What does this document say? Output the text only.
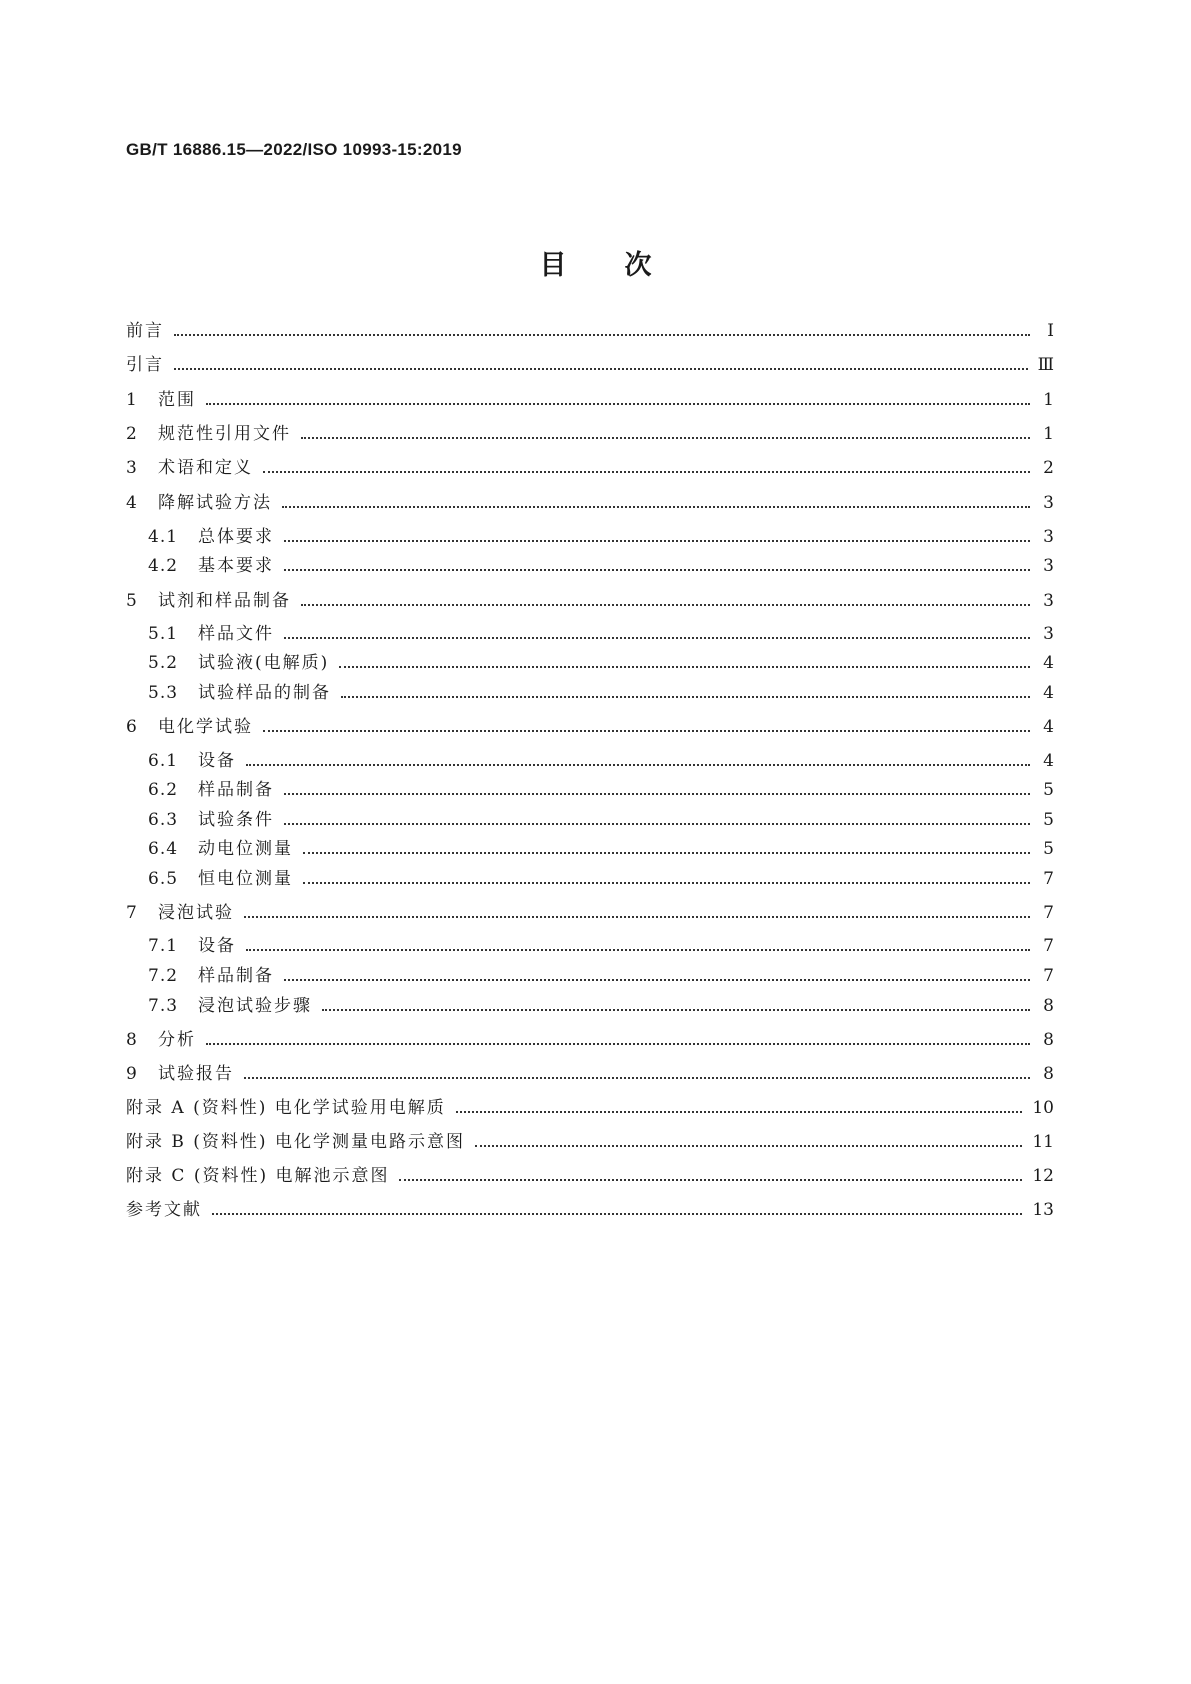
GB/T 16886.15—2022/ISO 10993-15:2019
目 次
前言	Ⅰ
引言	Ⅲ
1	范围	1
2	规范性引用文件	1
3	术语和定义	2
4	降解试验方法	3
4.1	总体要求	3
4.2	基本要求	3
5	试剂和样品制备	3
5.1	样品文件	3
5.2	试验液(电解质)	4
5.3	试验样品的制备	4
6	电化学试验	4
6.1	设备	4
6.2	样品制备	5
6.3	试验条件	5
6.4	动电位测量	5
6.5	恒电位测量	7
7	浸泡试验	7
7.1	设备	7
7.2	样品制备	7
7.3	浸泡试验步骤	8
8	分析	8
9	试验报告	8
附录 A (资料性) 电化学试验用电解质	10
附录 B (资料性) 电化学测量电路示意图	11
附录 C (资料性) 电解池示意图	12
参考文献	13
